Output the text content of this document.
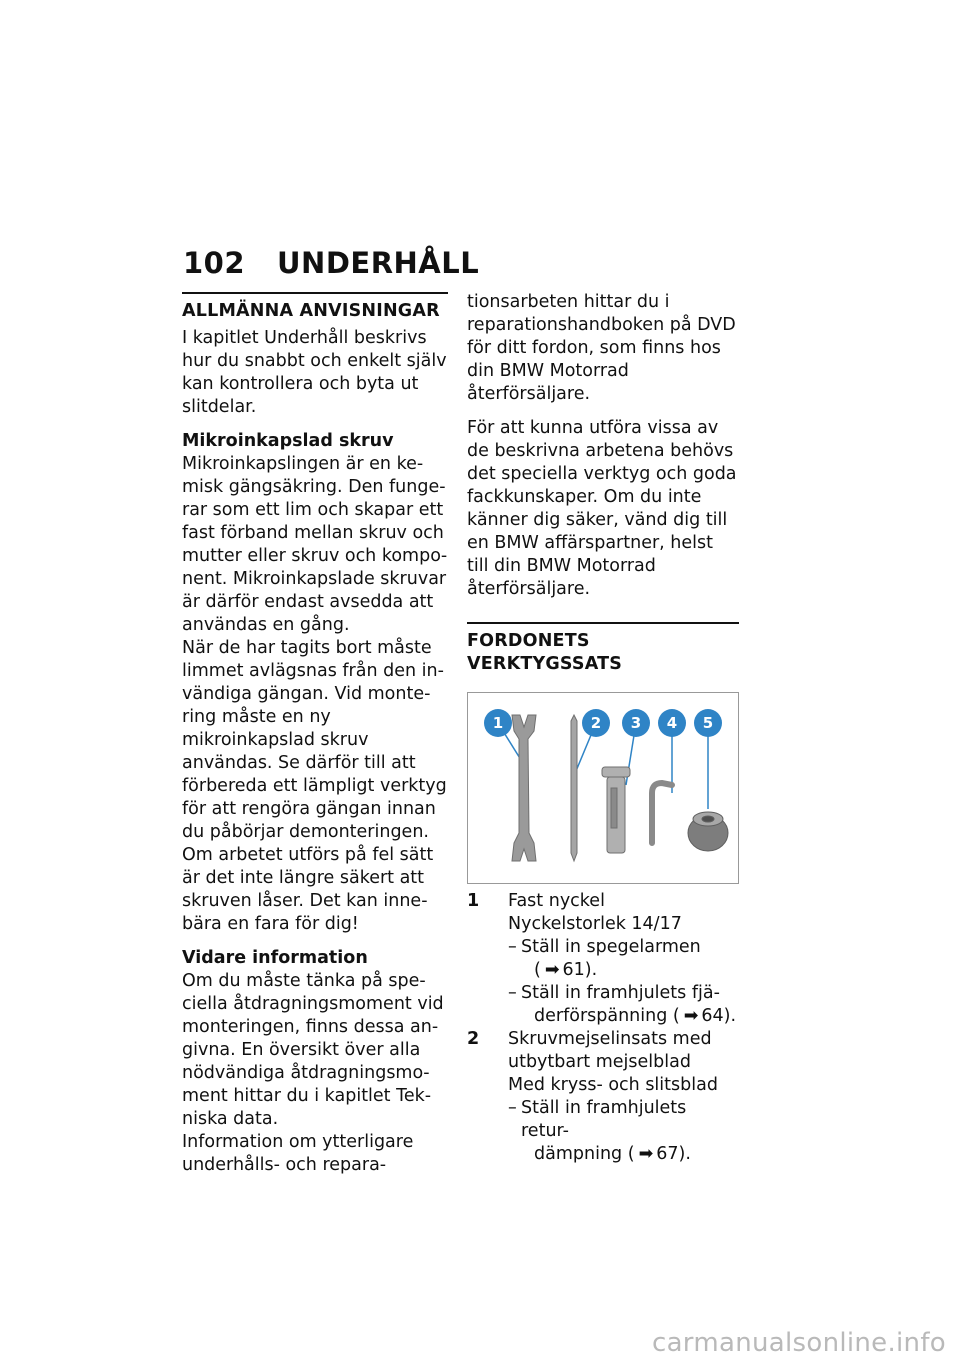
102	UNDERHÅLL
ALLMÄNNA ANVISNINGAR

I kapitlet Underhåll beskrivs hur du snabbt och enkelt själv kan kontrollera och byta ut slitdelar.

Mikroinkapslad skruv

Mikroinkapslingen är en kemisk gängsäkring. Den fungerar som ett lim och skapar ett fast förband mellan skruv och mutter eller skruv och komponent. Mikroinkapslade skruvar är därför endast avsedda att användas en gång.

När de har tagits bort måste limmet avlägsnas från den invändiga gängan. Vid montering måste en ny mikroinkapslad skruv användas. Se därför till att förbereda ett lämpligt verktyg för att rengöra gängan innan du påbörjar demonteringen. Om arbetet utförs på fel sätt är det inte längre säkert att skruven låser. Det kan innebära en fara för dig!

Vidare information

Om du måste tänka på speciella åtdragningsmoment vid monteringen, finns dessa angivna. En översikt över alla nödvändiga åtdragningsmoment hittar du i kapitlet Tekniska data.

Information om ytterligare underhålls- och repara-

tionsarbeten hittar du i reparationshandboken på DVD för ditt fordon, som finns hos din BMW Motorrad återförsäljare.

För att kunna utföra vissa av de beskrivna arbetena behövs det speciella verktyg och goda fackkunskaper. Om du inte känner dig säker, vänd dig till en BMW affärspartner, helst till din BMW Motorrad återförsäljare.

FORDONETS VERKTYGSSATS
1	2 3 4 5
1	Fast nyckel
Nyckelstorlek 14/17
– Ställ in spegelarmen
( ➡ 61).
– Ställ in framhjulets fjä-
derförspänning ( ➡ 64).
2	Skruvmejselinsats med utbytbart mejselblad
Med kryss- och slitsblad
– Ställ in framhjulets retur-
dämpning ( ➡ 67).
carmanualsonline.info
